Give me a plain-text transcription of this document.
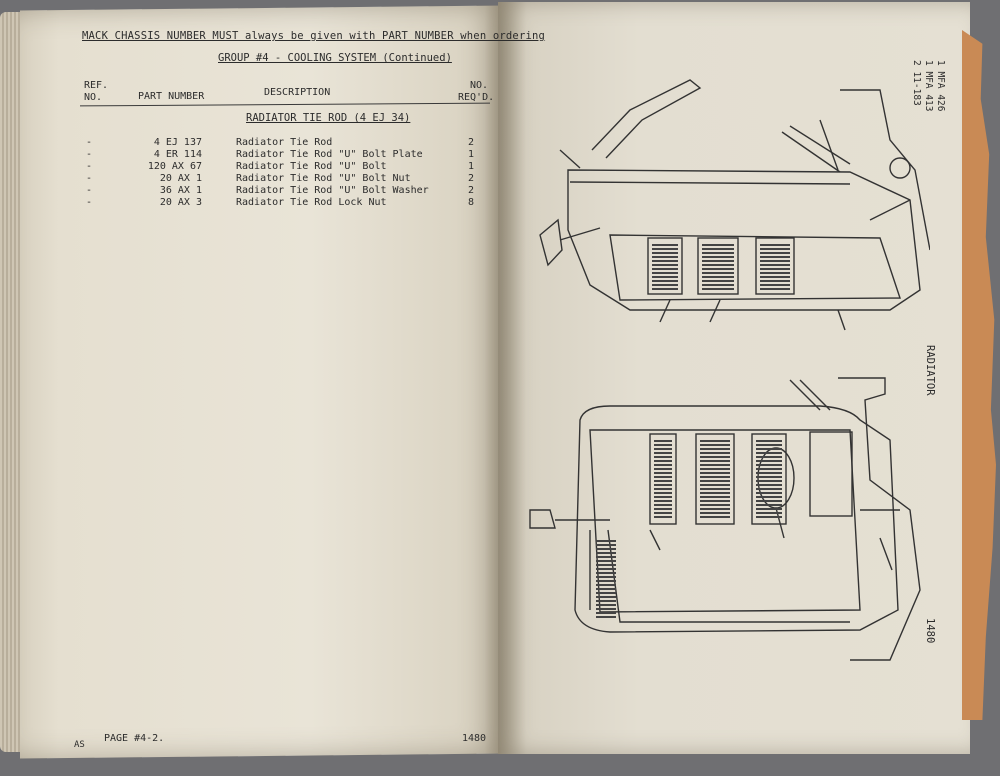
MACK CHASSIS NUMBER MUST always be given with PART NUMBER when ordering
GROUP #4 - COOLING SYSTEM (Continued)
REF.
NO.	PART NUMBER	DESCRIPTION
NO.
REQ'D.
RADIATOR TIE ROD (4 EJ 34)
-	4 EJ 137	Radiator Tie Rod	2
-	4 ER 114	Radiator Tie Rod "U" Bolt Plate	1
-	120 AX 67	Radiator Tie Rod "U" Bolt	1
-	20 AX 1	Radiator Tie Rod "U" Bolt Nut	2
-	36 AX 1	Radiator Tie Rod "U" Bolt Washer	2
-	20 AX 3	Radiator Tie Rod Lock Nut	8
AS
PAGE #4-2.	1480
1 MFA 426
1 MFA 413
2 11-183
RADIATOR
1480
